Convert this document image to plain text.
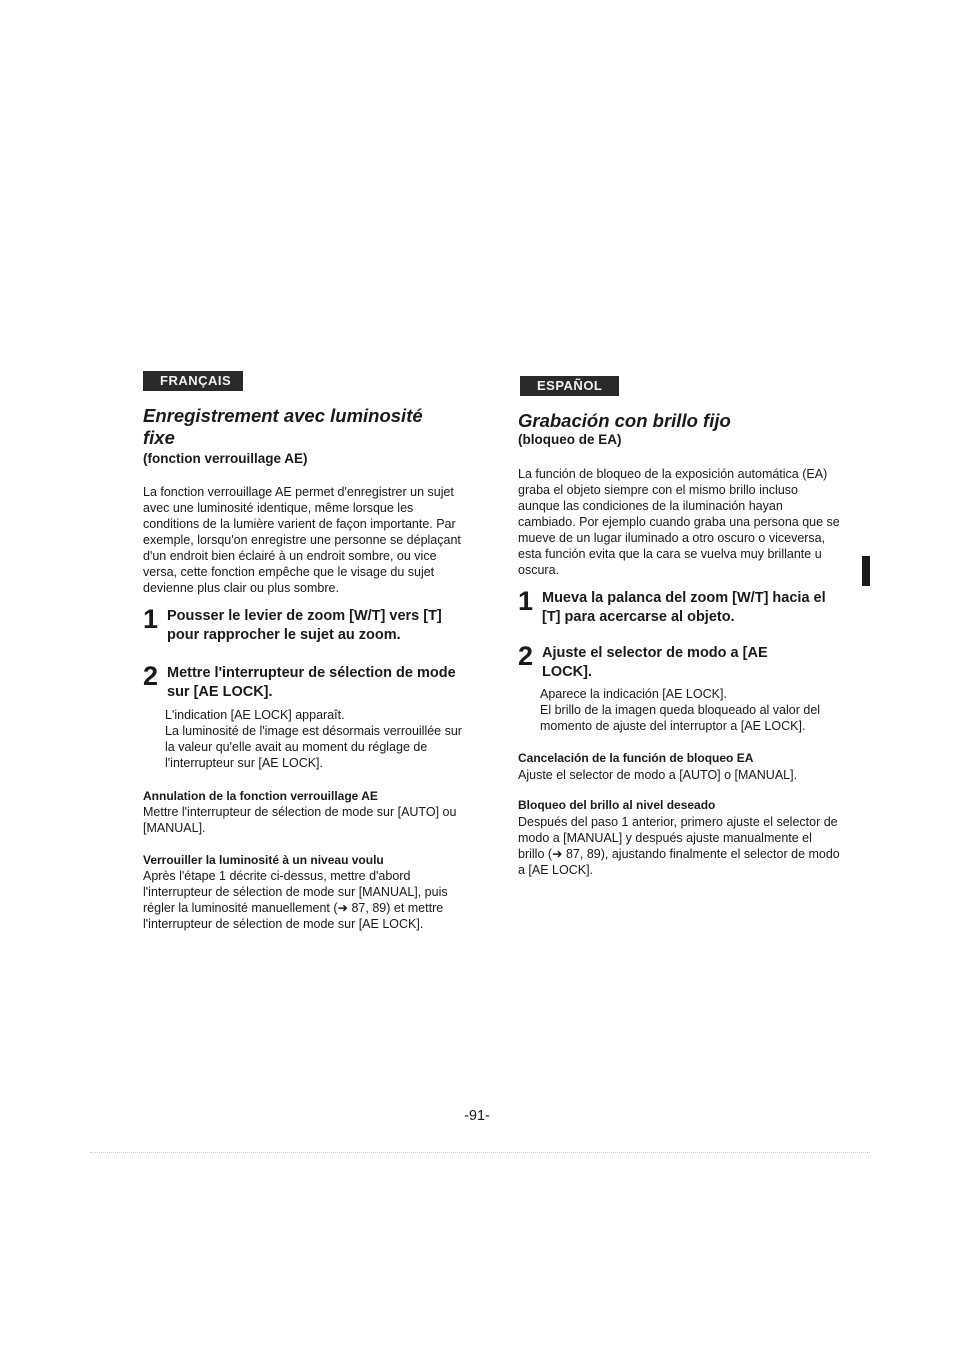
FRANÇAIS
Enregistrement avec luminosité
fixe
(fonction verrouillage AE)

La fonction verrouillage AE permet d'enregistrer un sujet avec une luminosité identique, même lorsque les conditions de la lumière varient de façon importante. Par exemple, lorsqu'on enregistre une personne se déplaçant d'un endroit bien éclairé à un endroit sombre, ou vice versa, cette fonction empêche que le visage du sujet devienne plus clair ou plus sombre.

1 Pousser le levier de zoom [W/T] vers [T] pour rapprocher le sujet au zoom.
2 Mettre l'interrupteur de sélection de mode sur [AE LOCK].
L'indication [AE LOCK] apparaît.
La luminosité de l'image est désormais verrouillée sur la valeur qu'elle avait au moment du réglage de l'interrupteur sur [AE LOCK].
Annulation de la fonction verrouillage AE
Mettre l'interrupteur de sélection de mode sur [AUTO] ou [MANUAL].
Verrouiller la luminosité à un niveau voulu
Après l'étape 1 décrite ci-dessus, mettre d'abord l'interrupteur de sélection de mode sur [MANUAL], puis régler la luminosité manuellement (➜ 87, 89) et mettre l'interrupteur de sélection de mode sur [AE LOCK].
ESPAÑOL
Grabación con brillo fijo
(bloqueo de EA)

La función de bloqueo de la exposición automática (EA) graba el objeto siempre con el mismo brillo incluso aunque las condiciones de la iluminación hayan cambiado. Por ejemplo cuando graba una persona que se mueve de un lugar iluminado a otro oscuro o viceversa, esta función evita que la cara se vuelva muy brillante u oscura.

1 Mueva la palanca del zoom [W/T] hacia el [T] para acercarse al objeto.
2 Ajuste el selector de modo a [AE LOCK].
Aparece la indicación [AE LOCK].
El brillo de la imagen queda bloqueado al valor del momento de ajuste del interruptor a [AE LOCK].
Cancelación de la función de bloqueo EA
Ajuste el selector de modo a [AUTO] o [MANUAL].
Bloqueo del brillo al nivel deseado
Después del paso 1 anterior, primero ajuste el selector de modo a [MANUAL] y después ajuste manualmente el brillo (➜ 87, 89), ajustando finalmente el selector de modo a [AE LOCK].
-91-
